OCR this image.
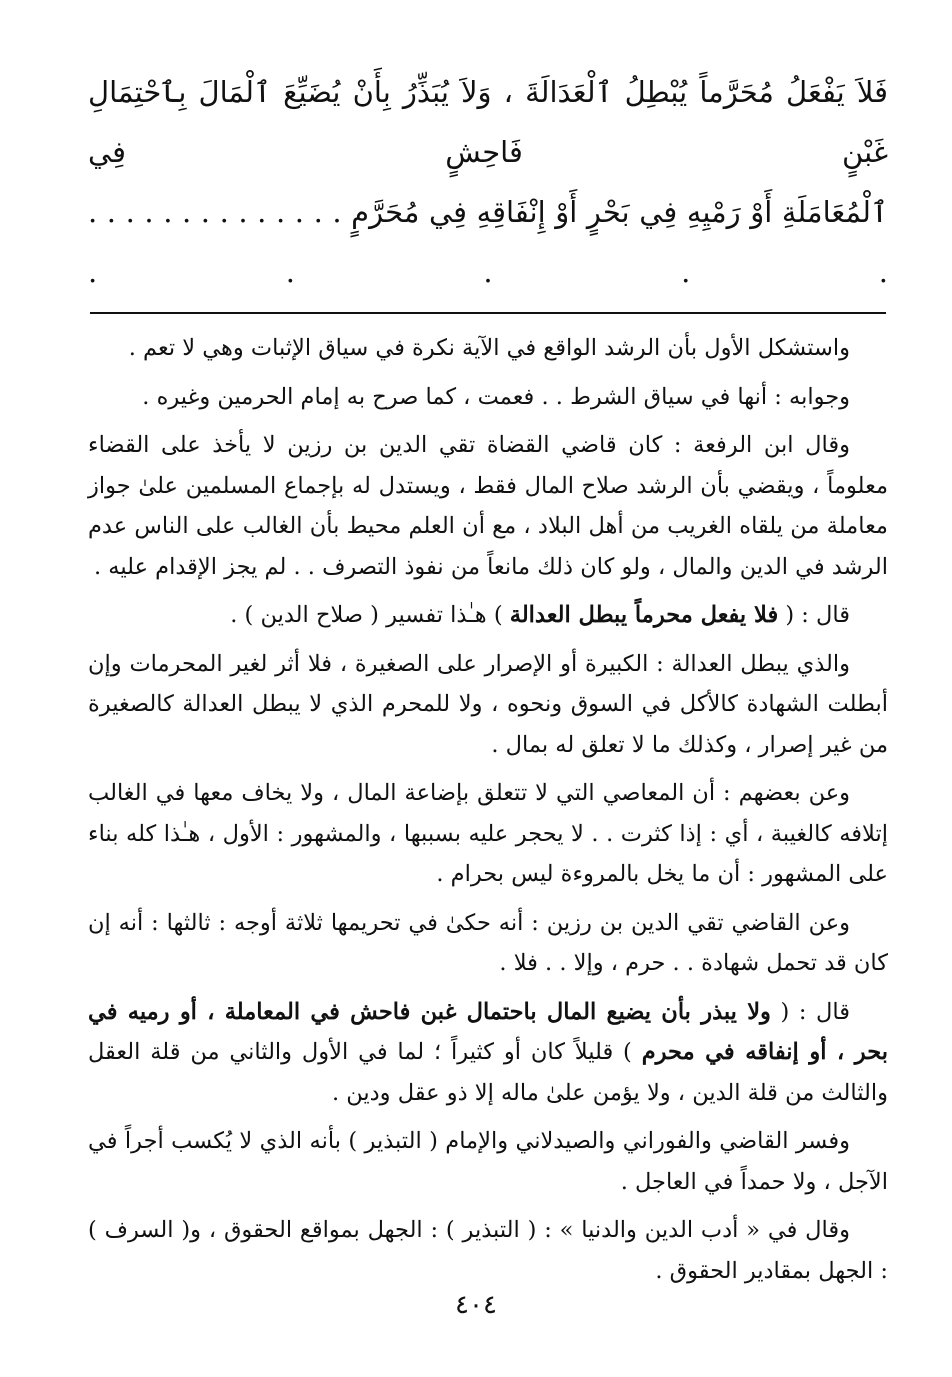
فَلاَ يَفْعَلُ مُحَرَّماً يُبْطِلُ ٱلْعَدَالَةَ ، وَلاَ يُبَذِّرُ بِأَنْ يُضَيِّعَ ٱلْمَالَ بِٱحْتِمَالِ غَبْنٍ فَاحِشٍ فِي

ٱلْمُعَامَلَةِ أَوْ رَمْيِهِ فِي بَحْرٍ أَوْ إِنْفَاقِهِ فِي مُحَرَّمٍ . . . . . . . . . . . . . . . . . . .

واستشكل الأول بأن الرشد الواقع في الآية نكرة في سياق الإثبات وهي لا تعم .

وجوابه : أنها في سياق الشرط . . فعمت ، كما صرح به إمام الحرمين وغيره .

وقال ابن الرفعة : كان قاضي القضاة تقي الدين بن رزين لا يأخذ على القضاء معلوماً ، ويقضي بأن الرشد صلاح المال فقط ، ويستدل له بإجماع المسلمين علىٰ جواز معاملة من يلقاه الغريب من أهل البلاد ، مع أن العلم محيط بأن الغالب على الناس عدم الرشد في الدين والمال ، ولو كان ذلك مانعاً من نفوذ التصرف . . لم يجز الإقدام عليه .

قال : ( فلا يفعل محرماً يبطل العدالة ) هـٰذا تفسير ( صلاح الدين ) .

والذي يبطل العدالة : الكبيرة أو الإصرار على الصغيرة ، فلا أثر لغير المحرمات وإن أبطلت الشهادة كالأكل في السوق ونحوه ، ولا للمحرم الذي لا يبطل العدالة كالصغيرة من غير إصرار ، وكذلك ما لا تعلق له بمال .

وعن بعضهم : أن المعاصي التي لا تتعلق بإضاعة المال ، ولا يخاف معها في الغالب إتلافه كالغيبة ، أي : إذا كثرت . . لا يحجر عليه بسببها ، والمشهور : الأول ، هـٰذا كله بناء على المشهور : أن ما يخل بالمروءة ليس بحرام .

وعن القاضي تقي الدين بن رزين : أنه حكىٰ في تحريمها ثلاثة أوجه : ثالثها : أنه إن كان قد تحمل شهادة . . حرم ، وإلا . . فلا .

قال : ( ولا يبذر بأن يضيع المال باحتمال غبن فاحش في المعاملة ، أو رميه في بحر ، أو إنفاقه في محرم ) قليلاً كان أو كثيراً ؛ لما في الأول والثاني من قلة العقل والثالث من قلة الدين ، ولا يؤمن علىٰ ماله إلا ذو عقل ودين .

وفسر القاضي والفوراني والصيدلاني والإمام ( التبذير ) بأنه الذي لا يُكسب أجراً في الآجل ، ولا حمداً في العاجل .

وقال في « أدب الدين والدنيا » : ( التبذير ) : الجهل بمواقع الحقوق ، و( السرف ) : الجهل بمقادير الحقوق .

٤٠٤
